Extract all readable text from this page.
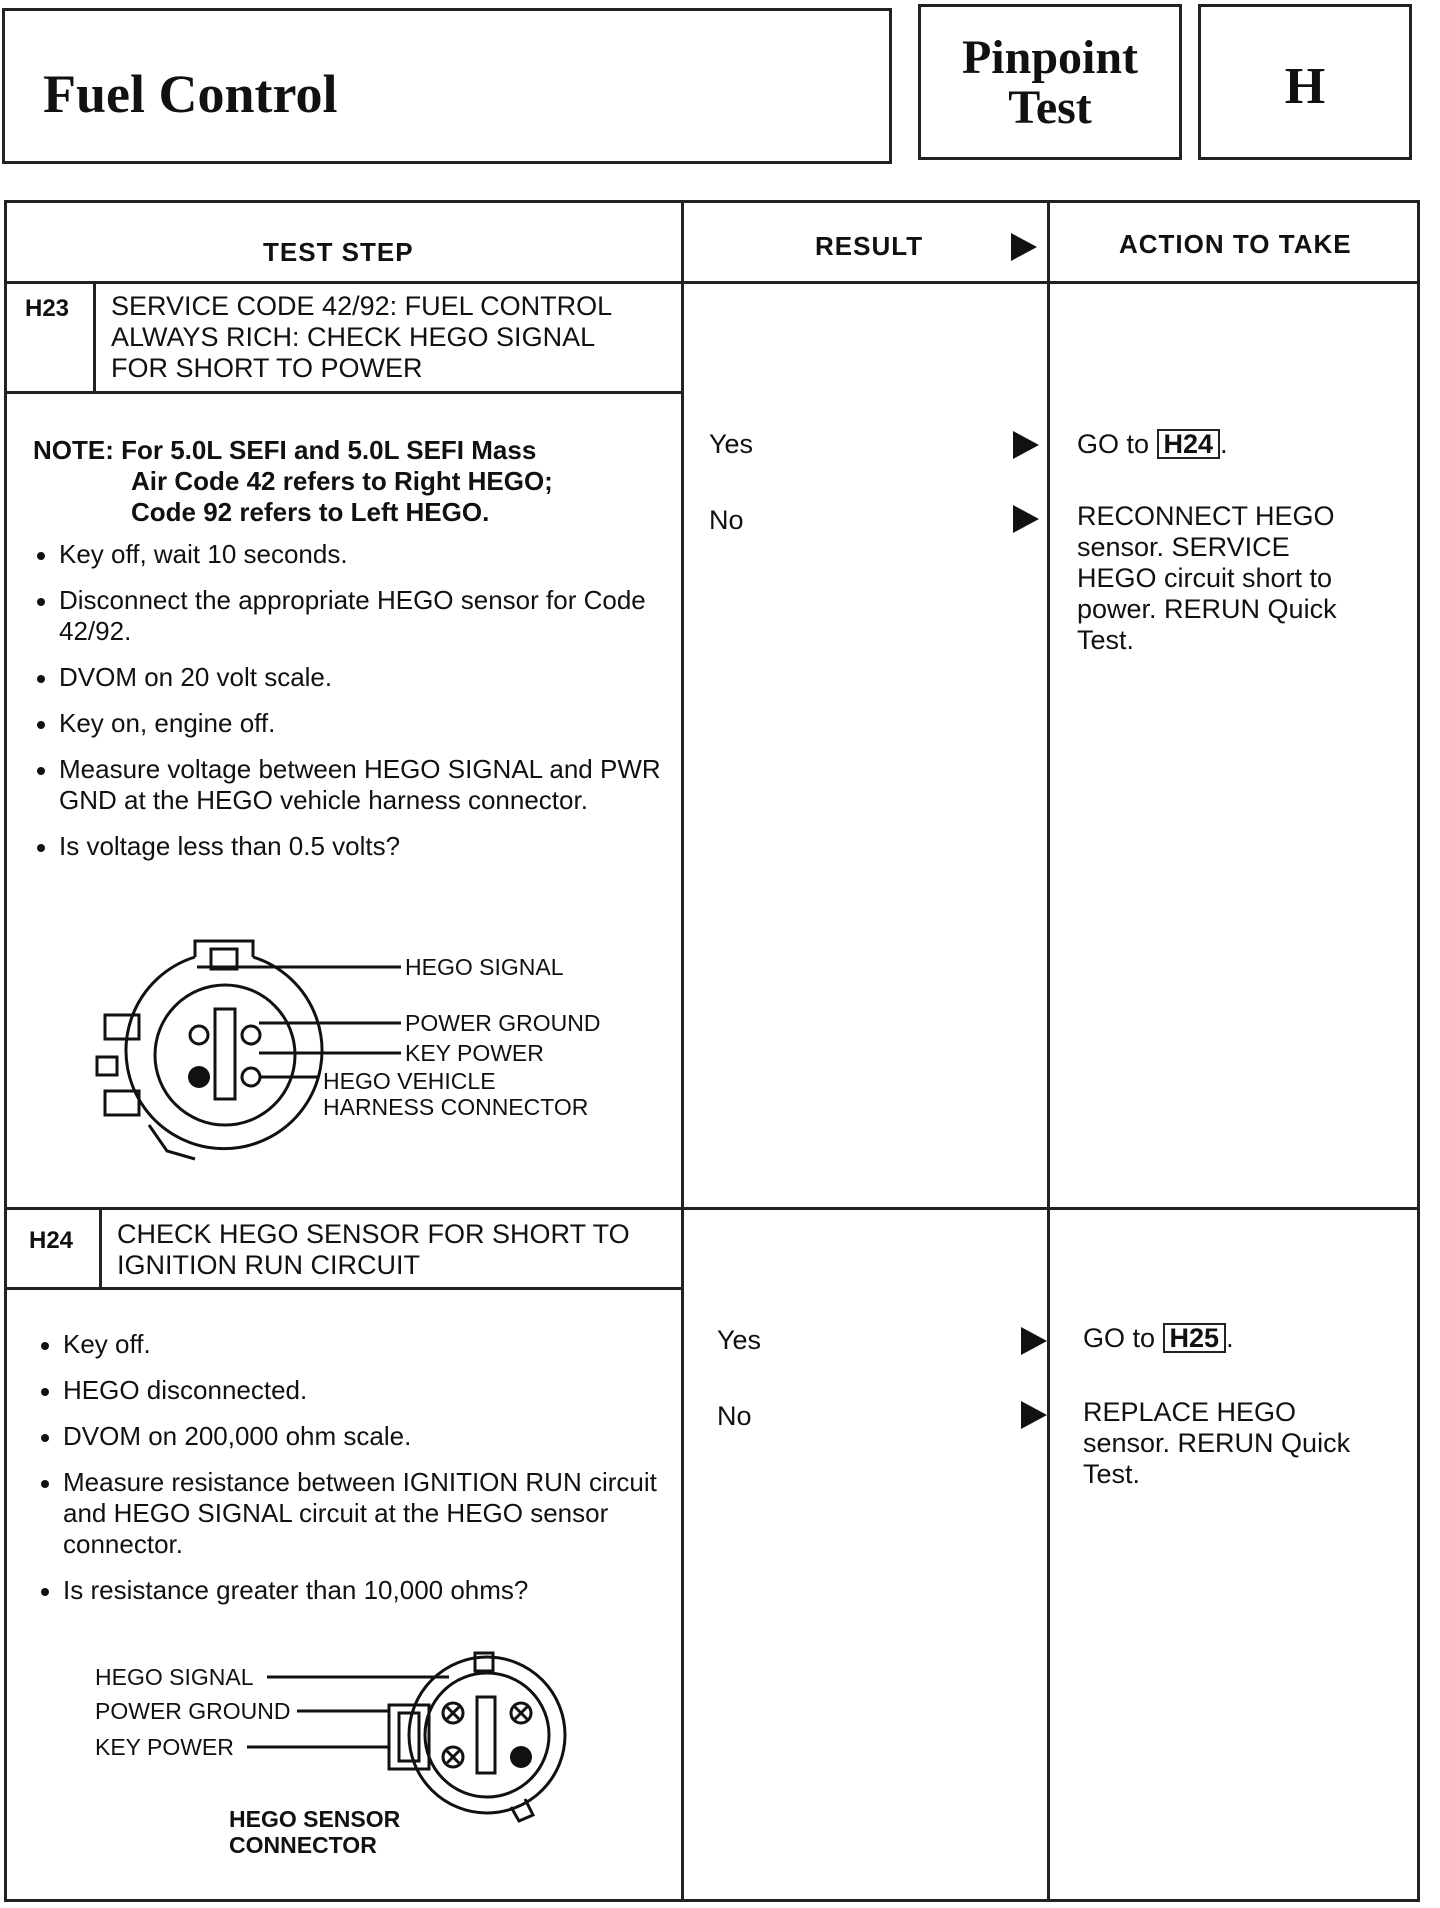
Fuel Control
Pinpoint
Test	H
TEST STEP	RESULT	ACTION TO TAKE
H23 SERVICE CODE 42/92: FUEL CONTROL
ALWAYS RICH: CHECK HEGO SIGNAL
FOR SHORT TO POWER
NOTE: For 5.0L SEFI and 5.0L SEFI Mass
Air Code 42 refers to Right HEGO;
Code 92 refers to Left HEGO.
Key off, wait 10 seconds.
Disconnect the appropriate HEGO sensor for Code 42/92.
DVOM on 20 volt scale.
Key on, engine off.
Measure voltage between HEGO SIGNAL and PWR GND at the HEGO vehicle harness connector.
Is voltage less than 0.5 volts?
HEGO SIGNAL
POWER GROUND
KEY POWER
HEGO VEHICLE
HARNESS CONNECTOR
Yes	GO to H24 .
No	RECONNECT HEGO
sensor. SERVICE
HEGO circuit short to
power. RERUN Quick
Test.
H24 CHECK HEGO SENSOR FOR SHORT TO
IGNITION RUN CIRCUIT
Key off.
HEGO disconnected.
DVOM on 200,000 ohm scale.
Measure resistance between IGNITION RUN circuit and HEGO SIGNAL circuit at the HEGO sensor connector.
Is resistance greater than 10,000 ohms?
HEGO SIGNAL
POWER GROUND
KEY POWER
HEGO SENSOR
CONNECTOR
Yes	GO to H25 .
No	REPLACE HEGO
sensor. RERUN Quick
Test.
